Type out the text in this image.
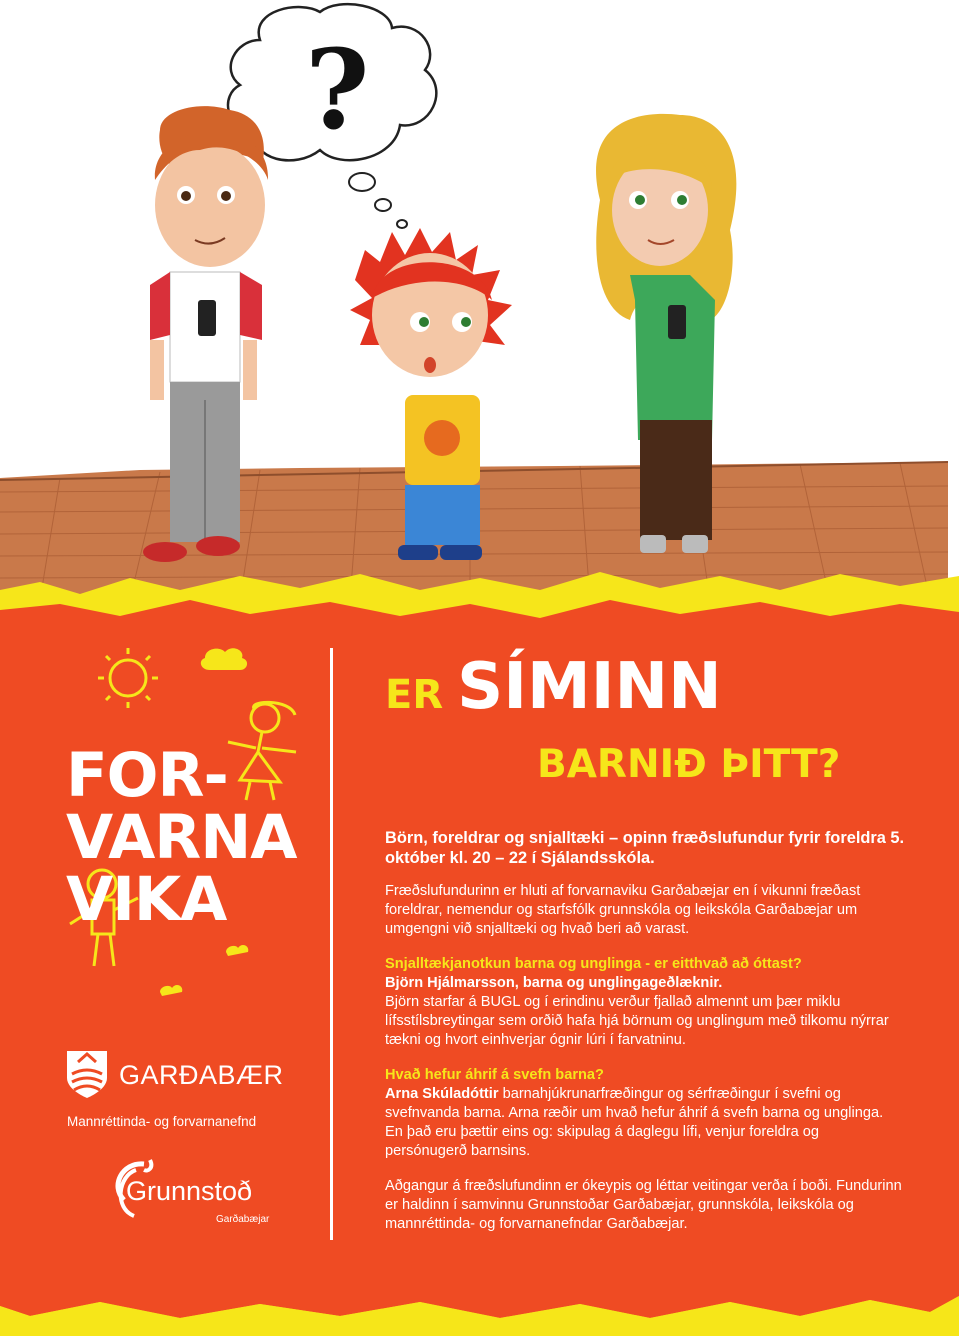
?
FOR-
VARNA
VIKA
GARÐABÆR
Mannréttinda- og forvarnanefnd
Grunnstoð
Garðabæjar
ER SÍMINN
BARNIÐ ÞITT?

Börn, foreldrar og snjalltæki – opinn fræðslufundur fyrir foreldra 5. október kl. 20 – 22 í Sjálandsskóla.

Fræðslufundurinn er hluti af forvarnaviku Garðabæjar en í vikunni fræðast foreldrar, nemendur og starfsfólk grunnskóla og leikskóla Garðabæjar um umgengni við snjalltæki og hvað beri að varast.

Snjalltækjanotkun barna og unglinga - er eitthvað að óttast?
Björn Hjálmarsson, barna og unglingageðlæknir.
Björn starfar á BUGL og í erindinu verður fjallað almennt um þær miklu lífsstílsbreytingar sem orðið hafa hjá börnum og unglingum með tilkomu nýrrar tækni og hvort einhverjar ógnir lúri í farvatninu.

Hvað hefur áhrif á svefn barna?
Arna Skúladóttir barnahjúkrunarfræðingur og sérfræðingur í svefni og svefnvanda barna. Arna ræðir um hvað hefur áhrif á svefn barna og unglinga. En það eru þættir eins og: skipulag á daglegu lífi, venjur foreldra og persónugerð barnsins.

Aðgangur á fræðslufundinn er ókeypis og léttar veitingar verða í boði. Fundurinn er haldinn í samvinnu Grunnstoðar Garðabæjar, grunnskóla, leikskóla og mannréttinda- og forvarnanefndar Garðabæjar.
